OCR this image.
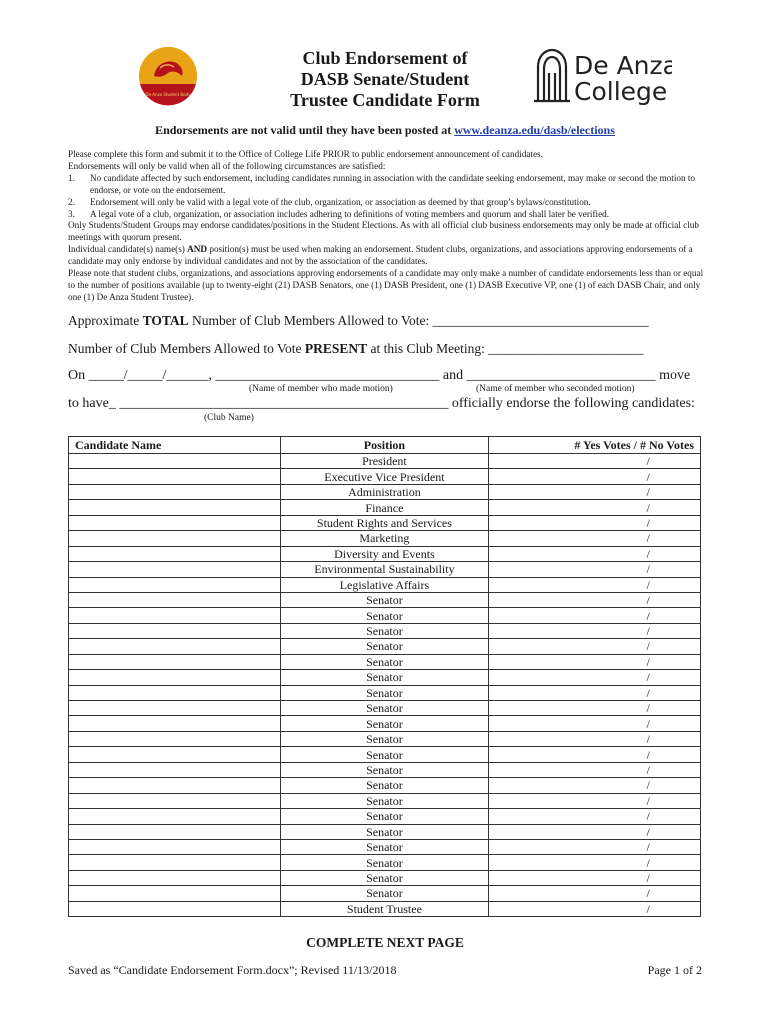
De Anza Student Body
Club Endorsement of
DASB Senate/Student
Trustee Candidate Form
De Anza
College
Endorsements are not valid until they have been posted at www.deanza.edu/dasb/elections
Please complete this form and submit it to the Office of College Life PRIOR to public endorsement announcement of candidates.
Endorsements will only be valid when all of the following circumstances are satisfied:
1.	No candidate affected by such endorsement, including candidates running in association with the candidate seeking endorsement, may make or second the motion to endorse, or vote on the endorsement.
2.	Endorsement will only be valid with a legal vote of the club, organization, or association as deemed by that group’s bylaws/constitution.
3.	A legal vote of a club, organization, or association includes adhering to definitions of voting members and quorum and shall later be verified.
Only Students/Student Groups may endorse candidates/positions in the Student Elections. As with all official club business endorsements may only be made at official club meetings with quorum present.
Individual candidate(s) name(s) AND position(s) must be used when making an endorsement. Student clubs, organizations, and associations approving endorsements of a candidate may only endorse by individual candidates and not by the association of the candidates.
Please note that student clubs, organizations, and associations approving endorsements of a candidate may only make a number of candidate endorsements less than or equal to the number of positions available (up to twenty-eight (21) DASB Senators, one (1) DASB President, one (1) DASB Executive VP, one (1) of each DASB Chair, and only one (1) De Anza Student Trustee).
Approximate TOTAL Number of Club Members Allowed to Vote: ________________________________
Number of Club Members Allowed to Vote PRESENT at this Club Meeting: _______________________
On _____/_____/______, ________________________________ and ___________________________ move
(Name of member who made motion)	(Name of member who seconded motion)
to have_ _______________________________________________ officially endorse the following candidates:
(Club Name)
Candidate Name	Position	# Yes Votes / # No Votes
	President	/
	Executive Vice President	/
	Administration	/
	Finance	/
	Student Rights and Services	/
	Marketing	/
	Diversity and Events	/
	Environmental Sustainability	/
	Legislative Affairs	/
	Senator	/
	Senator	/
	Senator	/
	Senator	/
	Senator	/
	Senator	/
	Senator	/
	Senator	/
	Senator	/
	Senator	/
	Senator	/
	Senator	/
	Senator	/
	Senator	/
	Senator	/
	Senator	/
	Senator	/
	Senator	/
	Senator	/
	Senator	/
	Student Trustee	/
COMPLETE NEXT PAGE
Saved as “Candidate Endorsement Form.docx”; Revised 11/13/2018	Page 1 of 2
